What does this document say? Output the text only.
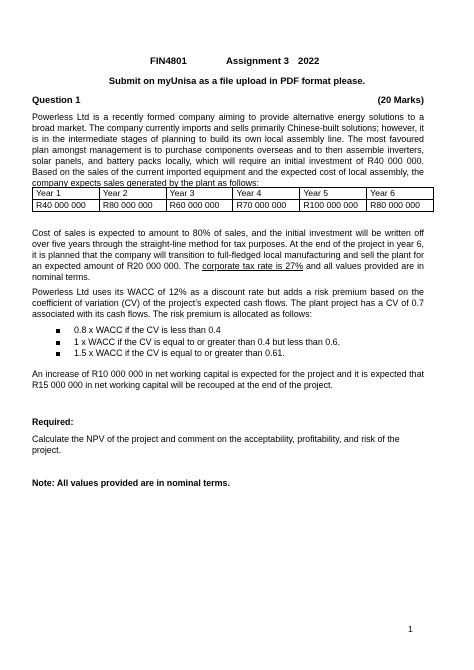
FIN4801	Assignment 3 2022
Submit on myUnisa as a file upload in PDF format please.
Question 1	(20 Marks)

Powerless Ltd is a recently formed company aiming to provide alternative energy solutions to a broad market. The company currently imports and sells primarily Chinese-built solutions; however, it is in the intermediate stages of planning to build its own local assembly line. The most favoured plan amongst management is to purchase components overseas and to then assemble inverters, solar panels, and battery packs locally, which will require an initial investment of R40 000 000. Based on the sales of the current imported equipment and the expected cost of local assembly, the company expects sales generated by the plant as follows:

Year 1	Year 2	Year 3	Year 4	Year 5	Year 6
R40 000 000	R80 000 000	R60 000 000	R70 000 000	R100 000 000	R80 000 000

Cost of sales is expected to amount to 80% of sales, and the initial investment will be written off over five years through the straight-line method for tax purposes. At the end of the project in year 6, it is planned that the company will transition to full-fledged local manufacturing and sell the plant for an expected amount of R20 000 000. The corporate tax rate is 27% and all values provided are in nominal terms.

Powerless Ltd uses its WACC of 12% as a discount rate but adds a risk premium based on the coefficient of variation (CV) of the project’s expected cash flows. The plant project has a CV of 0.7 associated with its cash flows. The risk premium is allocated as follows:

0.8 x WACC if the CV is less than 0.4
1 x WACC if the CV is equal to or greater than 0.4 but less than 0.6.
1.5 x WACC if the CV is equal to or greater than 0.61.

An increase of R10 000 000 in net working capital is expected for the project and it is expected that R15 000 000 in net working capital will be recouped at the end of the project.

Required:

Calculate the NPV of the project and comment on the acceptability, profitability, and risk of the project.

Note: All values provided are in nominal terms.

1
